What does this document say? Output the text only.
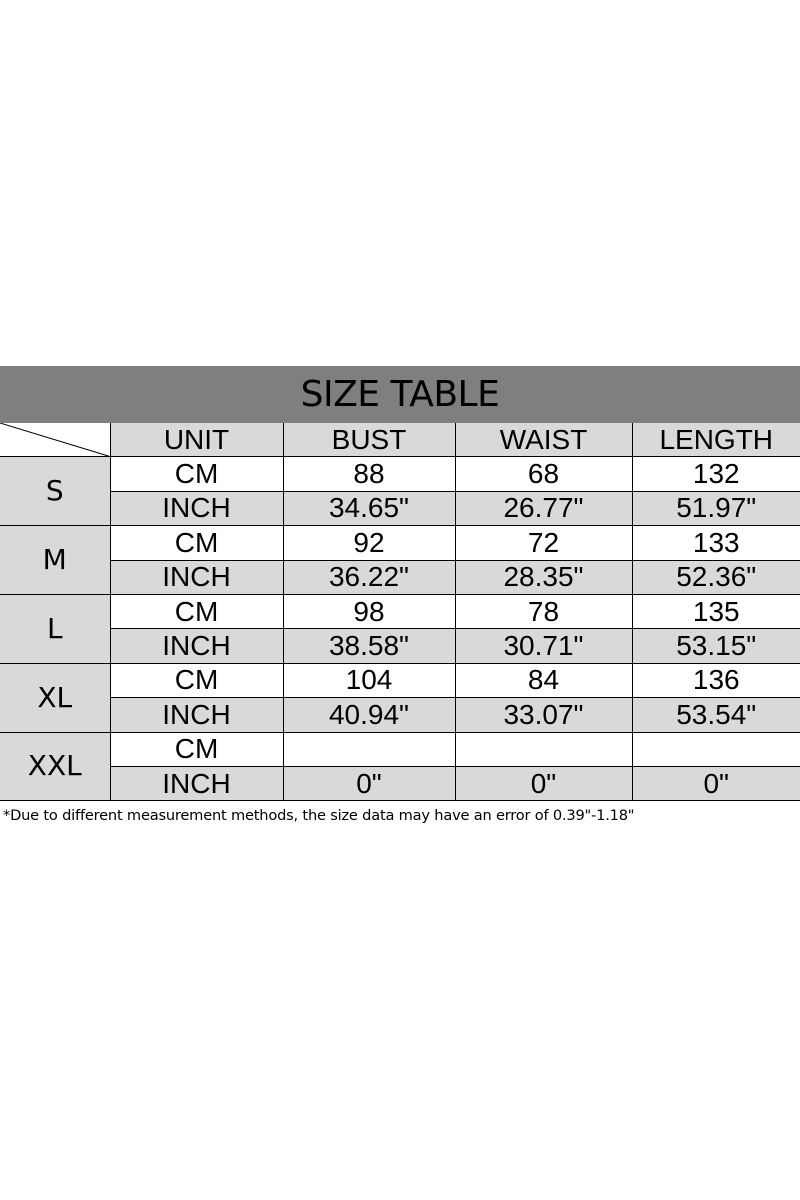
SIZE TABLE
	UNIT	BUST	WAIST	LENGTH
S	CM	88	68	132
	INCH	34.65"	26.77"	51.97"
M	CM	92	72	133
	INCH	36.22"	28.35"	52.36"
L	CM	98	78	135
	INCH	38.58"	30.71"	53.15"
XL	CM	104	84	136
	INCH	40.94"	33.07"	53.54"
XXL	CM			
	INCH	0"	0"	0"
*Due to different measurement methods, the size data may have an error of 0.39"-1.18"
